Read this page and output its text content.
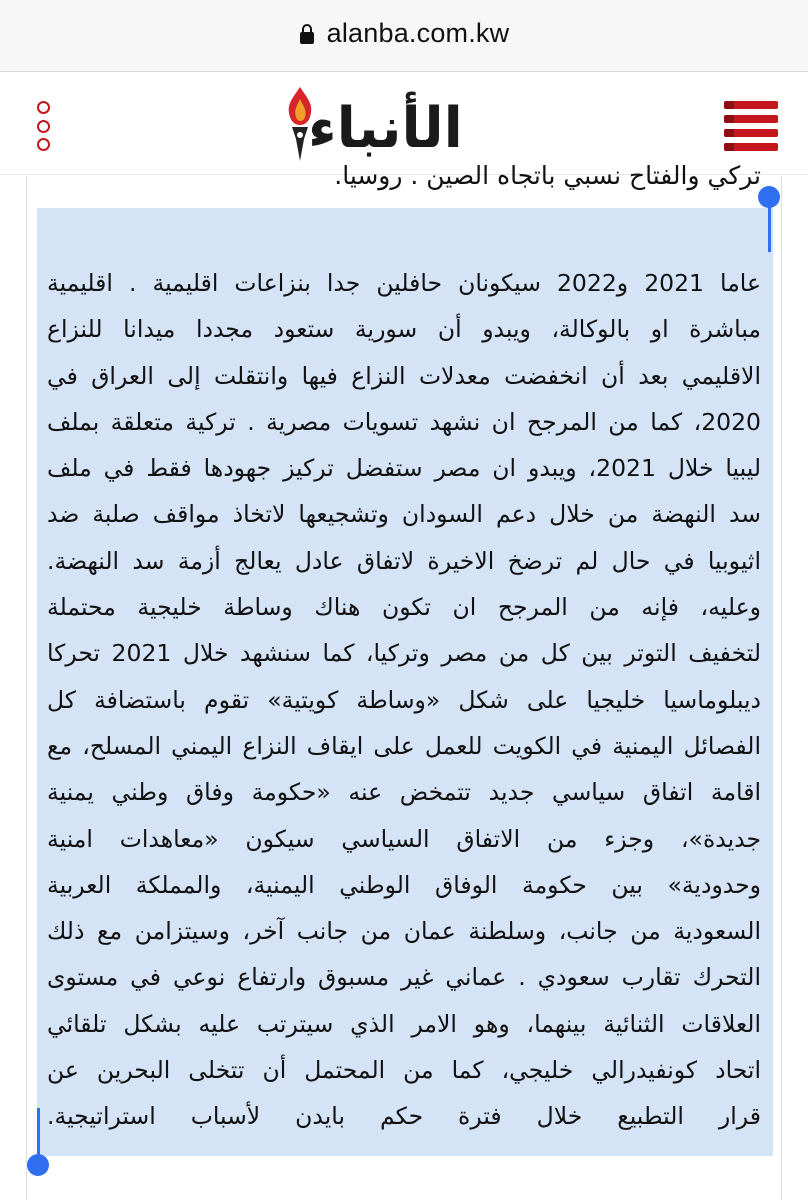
alanba.com.kw
الأنباء
تركي والفتاح نسبي باتجاه الصين . روسيا.
عاما 2021 و2022 سيكونان حافلين جدا بنزاعات اقليمية . اقليمية
مباشرة او بالوكالة، ويبدو أن سورية ستعود مجددا ميدانا للنزاع
الاقليمي بعد أن انخفضت معدلات النزاع فيها وانتقلت إلى العراق في
2020، كما من المرجح ان نشهد تسويات مصرية . تركية متعلقة بملف
ليبيا خلال 2021، ويبدو ان مصر ستفضل تركيز جهودها فقط في ملف
سد النهضة من خلال دعم السودان وتشجيعها لاتخاذ مواقف صلبة ضد
اثيوبيا في حال لم ترضخ الاخيرة لاتفاق عادل يعالج أزمة سد النهضة.
وعليه، فإنه من المرجح ان تكون هناك وساطة خليجية محتملة
لتخفيف التوتر بين كل من مصر وتركيا، كما سنشهد خلال 2021 تحركا
ديبلوماسيا خليجيا على شكل «وساطة كويتية» تقوم باستضافة كل
الفصائل اليمنية في الكويت للعمل على ايقاف النزاع اليمني المسلح، مع
اقامة اتفاق سياسي جديد تتمخض عنه «حكومة وفاق وطني يمنية
جديدة»، وجزء من الاتفاق السياسي سيكون «معاهدات امنية
وحدودية» بين حكومة الوفاق الوطني اليمنية، والمملكة العربية
السعودية من جانب، وسلطنة عمان من جانب آخر، وسيتزامن مع ذلك
التحرك تقارب سعودي . عماني غير مسبوق وارتفاع نوعي في مستوى
العلاقات الثنائية بينهما، وهو الامر الذي سيترتب عليه بشكل تلقائي
اتحاد كونفيدرالي خليجي، كما من المحتمل أن تتخلى البحرين عن
قرار التطبيع خلال فترة حكم بايدن لأسباب استراتيجية.
